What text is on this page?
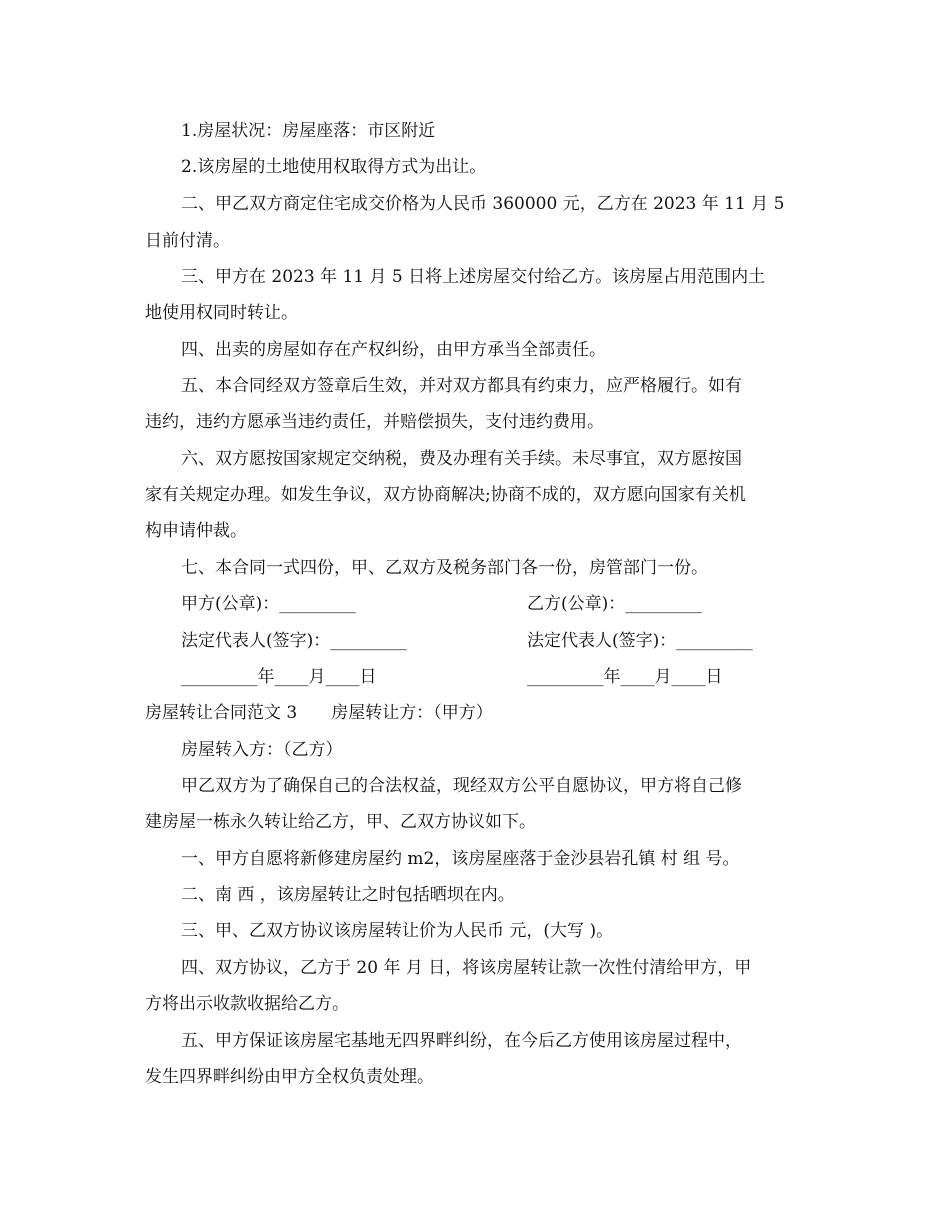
1.房屋状况：房屋座落：市区附近
2.该房屋的土地使用权取得方式为出让。
二、甲乙双方商定住宅成交价格为人民币 360000 元，乙方在 2023 年 11 月 5
日前付清。
三、甲方在 2023 年 11 月 5 日将上述房屋交付给乙方。该房屋占用范围内土
地使用权同时转让。
四、出卖的房屋如存在产权纠纷，由甲方承当全部责任。
五、本合同经双方签章后生效，并对双方都具有约束力，应严格履行。如有
违约，违约方愿承当违约责任，并赔偿损失，支付违约费用。
六、双方愿按国家规定交纳税，费及办理有关手续。未尽事宜，双方愿按国
家有关规定办理。如发生争议，双方协商解决;协商不成的，双方愿向国家有关机
构申请仲裁。
七、本合同一式四份，甲、乙双方及税务部门各一份，房管部门一份。
甲方(公章)：_________	乙方(公章)：_________
法定代表人(签字)：_________	法定代表人(签字)：_________
_________年____月____日	_________年____月____日
房屋转让合同范文 3　　房屋转让方：（甲方）
房屋转入方：（乙方）
甲乙双方为了确保自己的合法权益，现经双方公平自愿协议，甲方将自己修
建房屋一栋永久转让给乙方，甲、乙双方协议如下。
一、甲方自愿将新修建房屋约 m2，该房屋座落于金沙县岩孔镇 村 组 号。
二、南 西 ，该房屋转让之时包括晒坝在内。
三、甲、乙双方协议该房屋转让价为人民币 元，(大写 )。
四、双方协议，乙方于 20 年 月 日，将该房屋转让款一次性付清给甲方，甲
方将出示收款收据给乙方。
五、甲方保证该房屋宅基地无四界畔纠纷，在今后乙方使用该房屋过程中，
发生四界畔纠纷由甲方全权负责处理。
